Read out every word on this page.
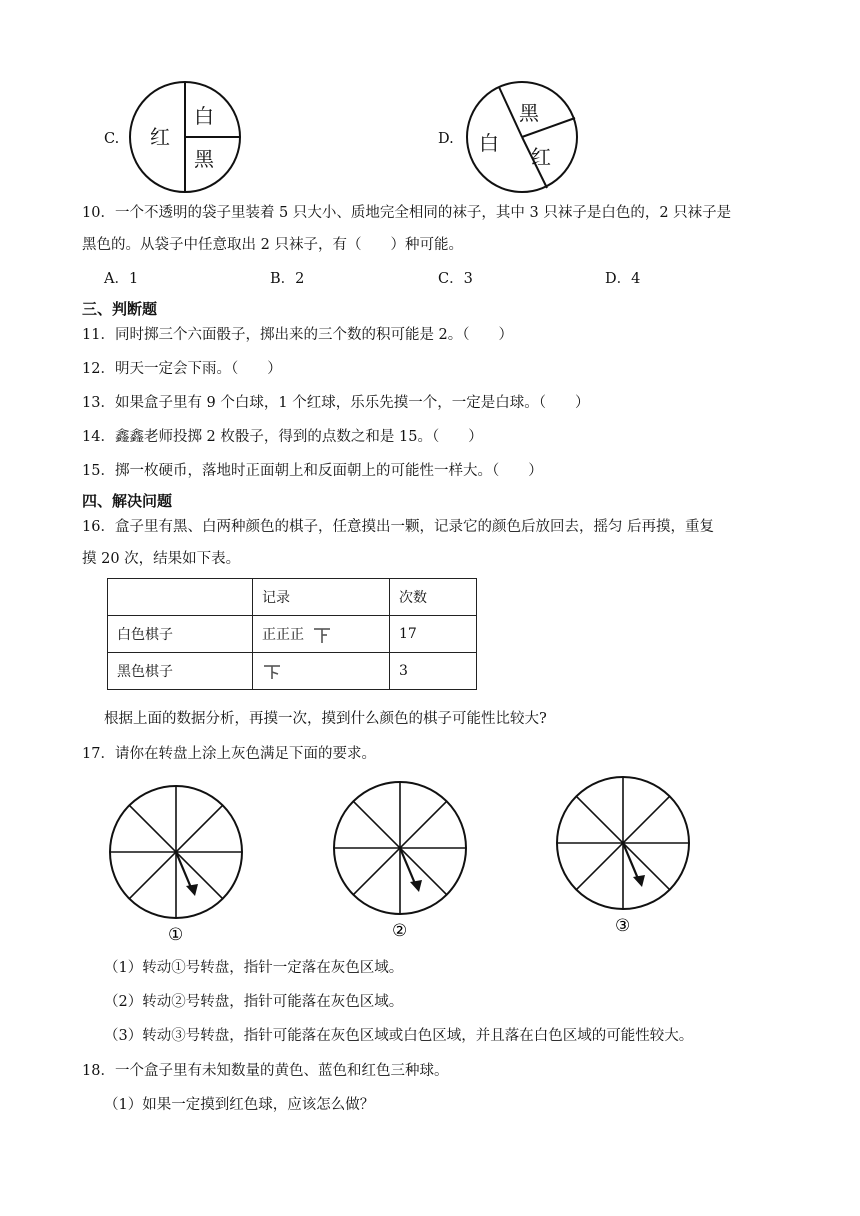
C. 红
白
黑
D.
黑
白
红
10．一个不透明的袋子里装着 5 只大小、质地完全相同的袜子，其中 3 只袜子是白色的，2 只袜子是
黑色的。从袋子中任意取出 2 只袜子，有（　　）种可能。
A．1	B．2	C．3	D．4
三、判断题
11．同时掷三个六面骰子，掷出来的三个数的积可能是 2。（　　）
12．明天一定会下雨。（　　）
13．如果盒子里有 9 个白球，1 个红球，乐乐先摸一个，一定是白球。（　　）
14．鑫鑫老师投掷 2 枚骰子，得到的点数之和是 15。（　　）
15．掷一枚硬币，落地时正面朝上和反面朝上的可能性一样大。（　　）
四、解决问题
16．盒子里有黑、白两种颜色的棋子，任意摸出一颗，记录它的颜色后放回去，摇匀 后再摸，重复
摸 20 次，结果如下表。
	记录	次数
白色棋子	正正正	17
黑色棋子		3
根据上面的数据分析，再摸一次，摸到什么颜色的棋子可能性比较大?
17．请你在转盘上涂上灰色满足下面的要求。
①	②	③
（1）转动①号转盘，指针一定落在灰色区域。
（2）转动②号转盘，指针可能落在灰色区域。
（3）转动③号转盘，指针可能落在灰色区域或白色区域，并且落在白色区域的可能性较大。
18．一个盒子里有未知数量的黄色、蓝色和红色三种球。
（1）如果一定摸到红色球，应该怎么做？
